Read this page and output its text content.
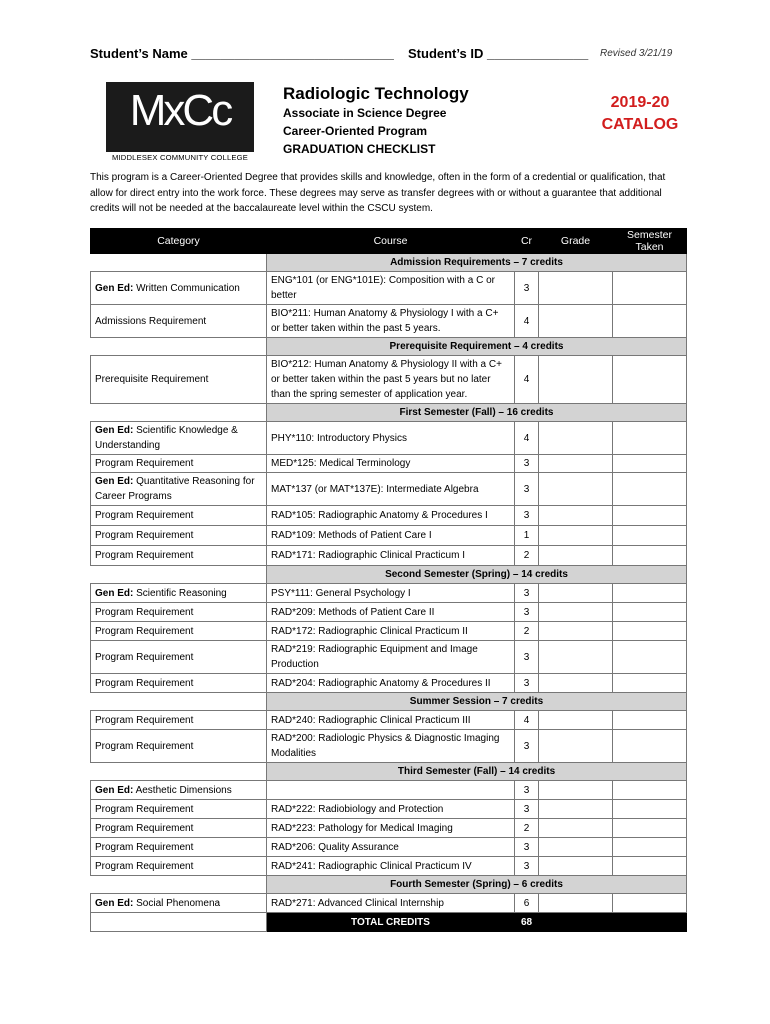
Student’s Name ____________________________ Student’s ID ______________ Revised 3/21/19
MxCc
MIDDLESEX COMMUNITY COLLEGE
Radiologic Technology
Associate in Science Degree
Career-Oriented Program
GRADUATION CHECKLIST
2019-20
CATALOG
This program is a Career-Oriented Degree that provides skills and knowledge, often in the form of a credential or qualification, that allow for direct entry into the work force. These degrees may serve as transfer degrees with or without a guarantee that additional credits will not be needed at the baccalaureate level within the CSCU system.
Category	Course	Cr	Grade	Semester Taken
	Admission Requirements – 7 credits			
Gen Ed: Written Communication	ENG*101 (or ENG*101E): Composition with a C or better	3		
Admissions Requirement	BIO*211: Human Anatomy & Physiology I with a C+ or better taken within the past 5 years.	4		
	Prerequisite Requirement – 4 credits			
Prerequisite Requirement	BIO*212: Human Anatomy & Physiology II with a C+ or better taken within the past 5 years but no later than the spring semester of application year.	4		
	First Semester (Fall) – 16 credits			
Gen Ed: Scientific Knowledge & Understanding	PHY*110: Introductory Physics	4		
Program Requirement	MED*125: Medical Terminology	3		
Gen Ed: Quantitative Reasoning for Career Programs	MAT*137 (or MAT*137E): Intermediate Algebra	3		
Program Requirement	RAD*105: Radiographic Anatomy & Procedures I	3		
Program Requirement	RAD*109: Methods of Patient Care I	1		
Program Requirement	RAD*171: Radiographic Clinical Practicum I	2		
	Second Semester (Spring) – 14 credits			
Gen Ed: Scientific Reasoning	PSY*111: General Psychology I	3		
Program Requirement	RAD*209: Methods of Patient Care II	3		
Program Requirement	RAD*172: Radiographic Clinical Practicum II	2		
Program Requirement	RAD*219: Radiographic Equipment and Image Production	3		
Program Requirement	RAD*204: Radiographic Anatomy & Procedures II	3		
	Summer Session – 7 credits			
Program Requirement	RAD*240: Radiographic Clinical Practicum III	4		
Program Requirement	RAD*200: Radiologic Physics & Diagnostic Imaging Modalities	3		
	Third Semester (Fall) – 14 credits			
Gen Ed: Aesthetic Dimensions		3		
Program Requirement	RAD*222: Radiobiology and Protection	3		
Program Requirement	RAD*223: Pathology for Medical Imaging	2		
Program Requirement	RAD*206: Quality Assurance	3		
Program Requirement	RAD*241: Radiographic Clinical Practicum IV	3		
	Fourth Semester (Spring) – 6 credits			
Gen Ed: Social Phenomena	RAD*271: Advanced Clinical Internship	6		
	TOTAL CREDITS	68		
